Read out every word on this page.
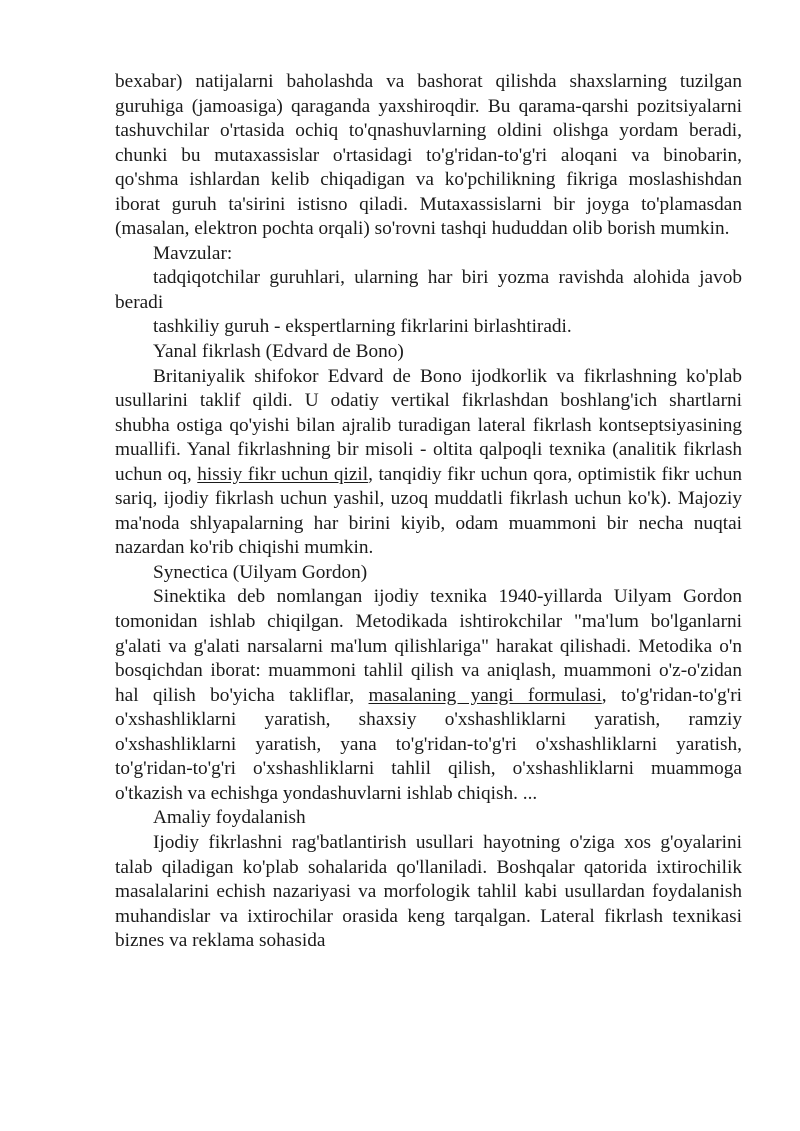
bexabar) natijalarni baholashda va bashorat qilishda shaxslarning tuzilgan guruhiga (jamoasiga) qaraganda yaxshiroqdir. Bu qarama-qarshi pozitsiyalarni tashuvchilar o'rtasida ochiq to'qnashuvlarning oldini olishga yordam beradi, chunki bu mutaxassislar o'rtasidagi to'g'ridan-to'g'ri aloqani va binobarin, qo'shma ishlardan kelib chiqadigan va ko'pchilikning fikriga moslashishdan iborat guruh ta'sirini istisno qiladi. Mutaxassislarni bir joyga to'plamasdan (masalan, elektron pochta orqali) so'rovni tashqi hududdan olib borish mumkin.

Mavzular:

tadqiqotchilar guruhlari, ularning har biri yozma ravishda alohida javob beradi

tashkiliy guruh - ekspertlarning fikrlarini birlashtiradi.

Yanal fikrlash (Edvard de Bono)

Britaniyalik shifokor Edvard de Bono ijodkorlik va fikrlashning ko'plab usullarini taklif qildi. U odatiy vertikal fikrlashdan boshlang'ich shartlarni shubha ostiga qo'yishi bilan ajralib turadigan lateral fikrlash kontseptsiyasining muallifi. Yanal fikrlashning bir misoli - oltita qalpoqli texnika (analitik fikrlash uchun oq, hissiy fikr uchun qizil, tanqidiy fikr uchun qora, optimistik fikr uchun sariq, ijodiy fikrlash uchun yashil, uzoq muddatli fikrlash uchun ko'k). Majoziy ma'noda shlyapalarning har birini kiyib, odam muammoni bir necha nuqtai nazardan ko'rib chiqishi mumkin.

Synectica (Uilyam Gordon)

Sinektika deb nomlangan ijodiy texnika 1940-yillarda Uilyam Gordon tomonidan ishlab chiqilgan. Metodikada ishtirokchilar "ma'lum bo'lganlarni g'alati va g'alati narsalarni ma'lum qilishlariga" harakat qilishadi. Metodika o'n bosqichdan iborat: muammoni tahlil qilish va aniqlash, muammoni o'z-o'zidan hal qilish bo'yicha takliflar, masalaning yangi formulasi, to'g'ridan-to'g'ri o'xshashliklarni yaratish, shaxsiy o'xshashliklarni yaratish, ramziy o'xshashliklarni yaratish, yana to'g'ridan-to'g'ri o'xshashliklarni yaratish, to'g'ridan-to'g'ri o'xshashliklarni tahlil qilish, o'xshashliklarni muammoga o'tkazish va echishga yondashuvlarni ishlab chiqish. ...

Amaliy foydalanish

Ijodiy fikrlashni rag'batlantirish usullari hayotning o'ziga xos g'oyalarini talab qiladigan ko'plab sohalarida qo'llaniladi. Boshqalar qatorida ixtirochilik masalalarini echish nazariyasi va morfologik tahlil kabi usullardan foydalanish muhandislar va ixtirochilar orasida keng tarqalgan. Lateral fikrlash texnikasi biznes va reklama sohasida
